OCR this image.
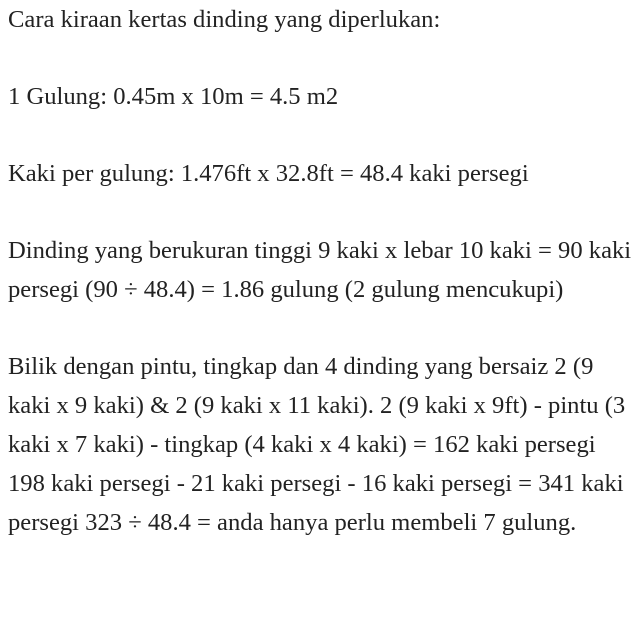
Cara kiraan kertas dinding yang diperlukan:

1 Gulung: 0.45m x 10m = 4.5 m2

Kaki per gulung: 1.476ft x 32.8ft = 48.4 kaki persegi

Dinding yang berukuran tinggi 9 kaki x lebar 10 kaki = 90 kaki persegi (90 ÷ 48.4) = 1.86 gulung (2 gulung mencukupi)

Bilik dengan pintu, tingkap dan 4 dinding yang bersaiz 2 (9 kaki x 9 kaki) & 2 (9 kaki x 11 kaki). 2 (9 kaki x 9ft) - pintu (3 kaki x 7 kaki) - tingkap (4 kaki x 4 kaki) = 162 kaki persegi 198 kaki persegi - 21 kaki persegi - 16 kaki persegi = 341 kaki persegi 323 ÷ 48.4 = anda hanya perlu membeli 7 gulung.
